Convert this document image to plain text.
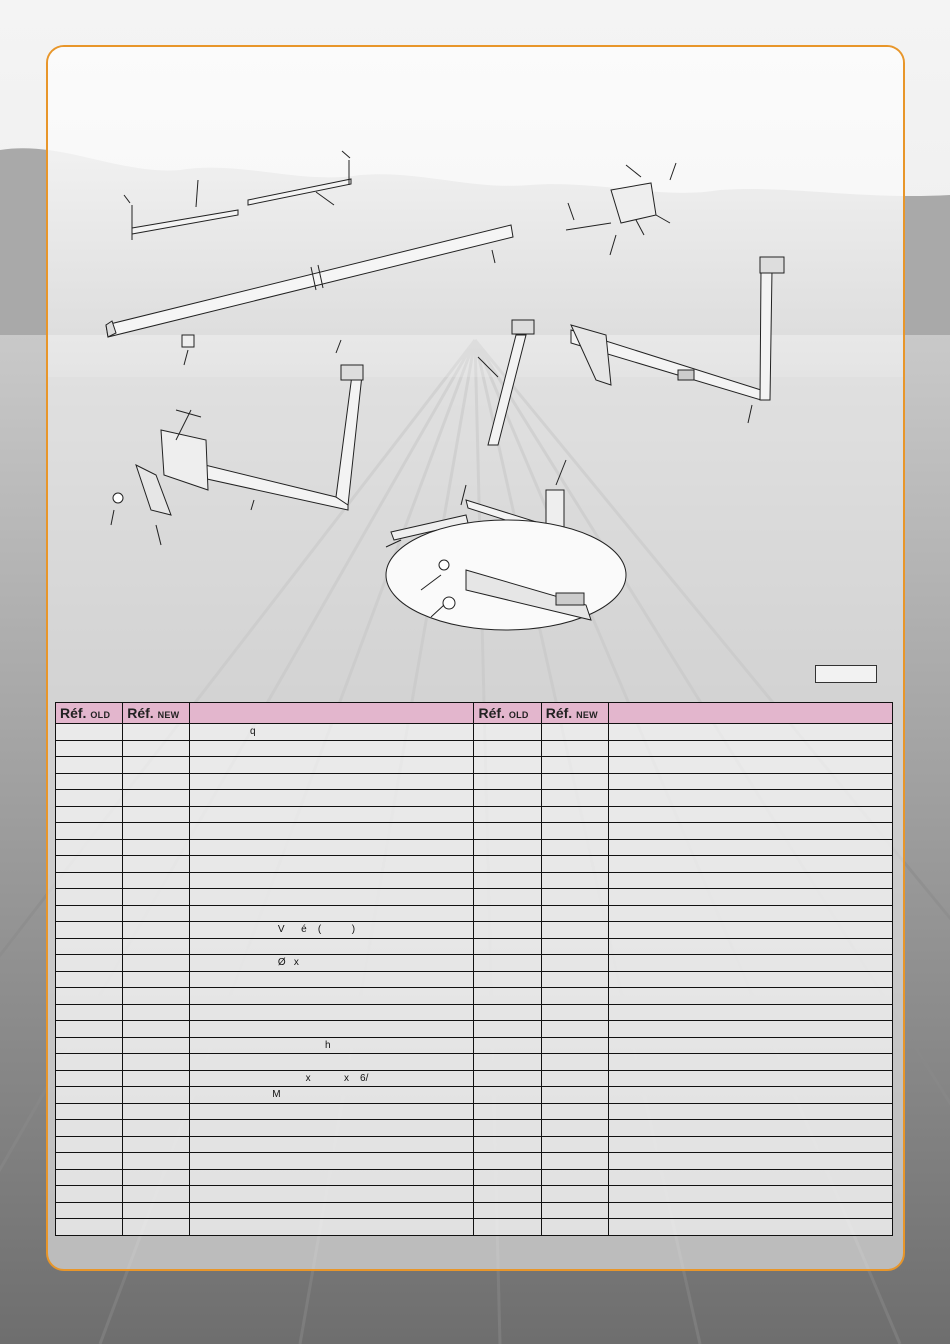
Réf. OLD	Réf. NEW		Réf. OLD	Réf. NEW	
		q			

		V      é    (           )			

		Ø   x			

		h			

		x            x    6/			
		M			
